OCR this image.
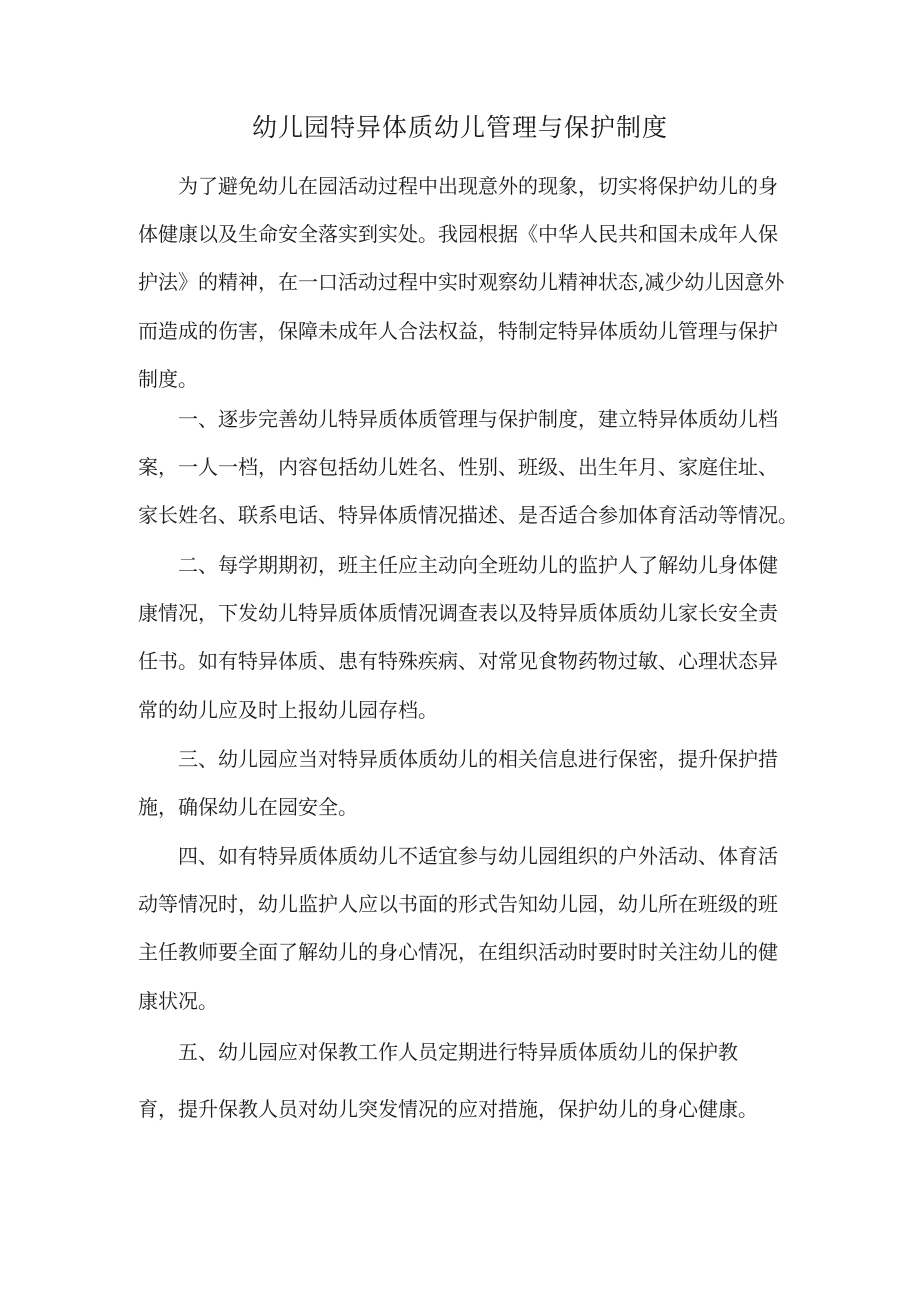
幼儿园特异体质幼儿管理与保护制度
为了避免幼儿在园活动过程中出现意外的现象，切实将保护幼儿的身
体健康以及生命安全落实到实处。我园根据《中华人民共和国未成年人保
护法》的精神，在一口活动过程中实时观察幼儿精神状态,减少幼儿因意外
而造成的伤害，保障未成年人合法权益，特制定特异体质幼儿管理与保护
制度。
一、逐步完善幼儿特异质体质管理与保护制度，建立特异体质幼儿档
案，一人一档，内容包括幼儿姓名、性别、班级、出生年月、家庭住址、
家长姓名、联系电话、特异体质情况描述、是否适合参加体育活动等情况。
二、每学期期初，班主任应主动向全班幼儿的监护人了解幼儿身体健
康情况，下发幼儿特异质体质情况调查表以及特异质体质幼儿家长安全责
任书。如有特异体质、患有特殊疾病、对常见食物药物过敏、心理状态异
常的幼儿应及时上报幼儿园存档。
三、幼儿园应当对特异质体质幼儿的相关信息进行保密，提升保护措
施，确保幼儿在园安全。
四、如有特异质体质幼儿不适宜参与幼儿园组织的户外活动、体育活
动等情况时，幼儿监护人应以书面的形式告知幼儿园，幼儿所在班级的班
主任教师要全面了解幼儿的身心情况，在组织活动时要时时关注幼儿的健
康状况。
五、幼儿园应对保教工作人员定期进行特异质体质幼儿的保护教
育，提升保教人员对幼儿突发情况的应对措施，保护幼儿的身心健康。
